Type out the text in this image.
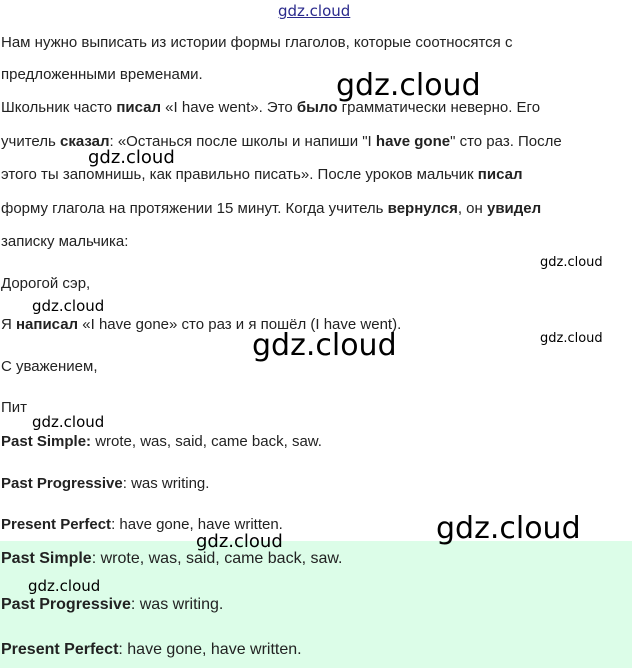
gdz.cloud

Нам нужно выписать из истории формы глаголов, которые соотносятся с

предложенными временами.

Школьник часто писал «I have went». Это было грамматически неверно. Его

учитель сказал: «Останься после школы и напиши "I have gone" сто раз. После

этого ты запомнишь, как правильно писать». После уроков мальчик писал

форму глагола на протяжении 15 минут. Когда учитель вернулся, он увидел

записку мальчика:

Дорогой сэр,

Я написал «I have gone» сто раз и я пошёл (I have went).

С уважением,

Пит

Past Simple: wrote, was, said, came back, saw.

Past Progressive: was writing.

Present Perfect: have gone, have written.

Past Simple: wrote, was, said, came back, saw.

Past Progressive: was writing.

Present Perfect: have gone, have written.

gdz.cloud
gdz.cloud
gdz.cloud
gdz.cloud
gdz.cloud
gdz.cloud
gdz.cloud
gdz.cloud
gdz.cloud
gdz.cloud
